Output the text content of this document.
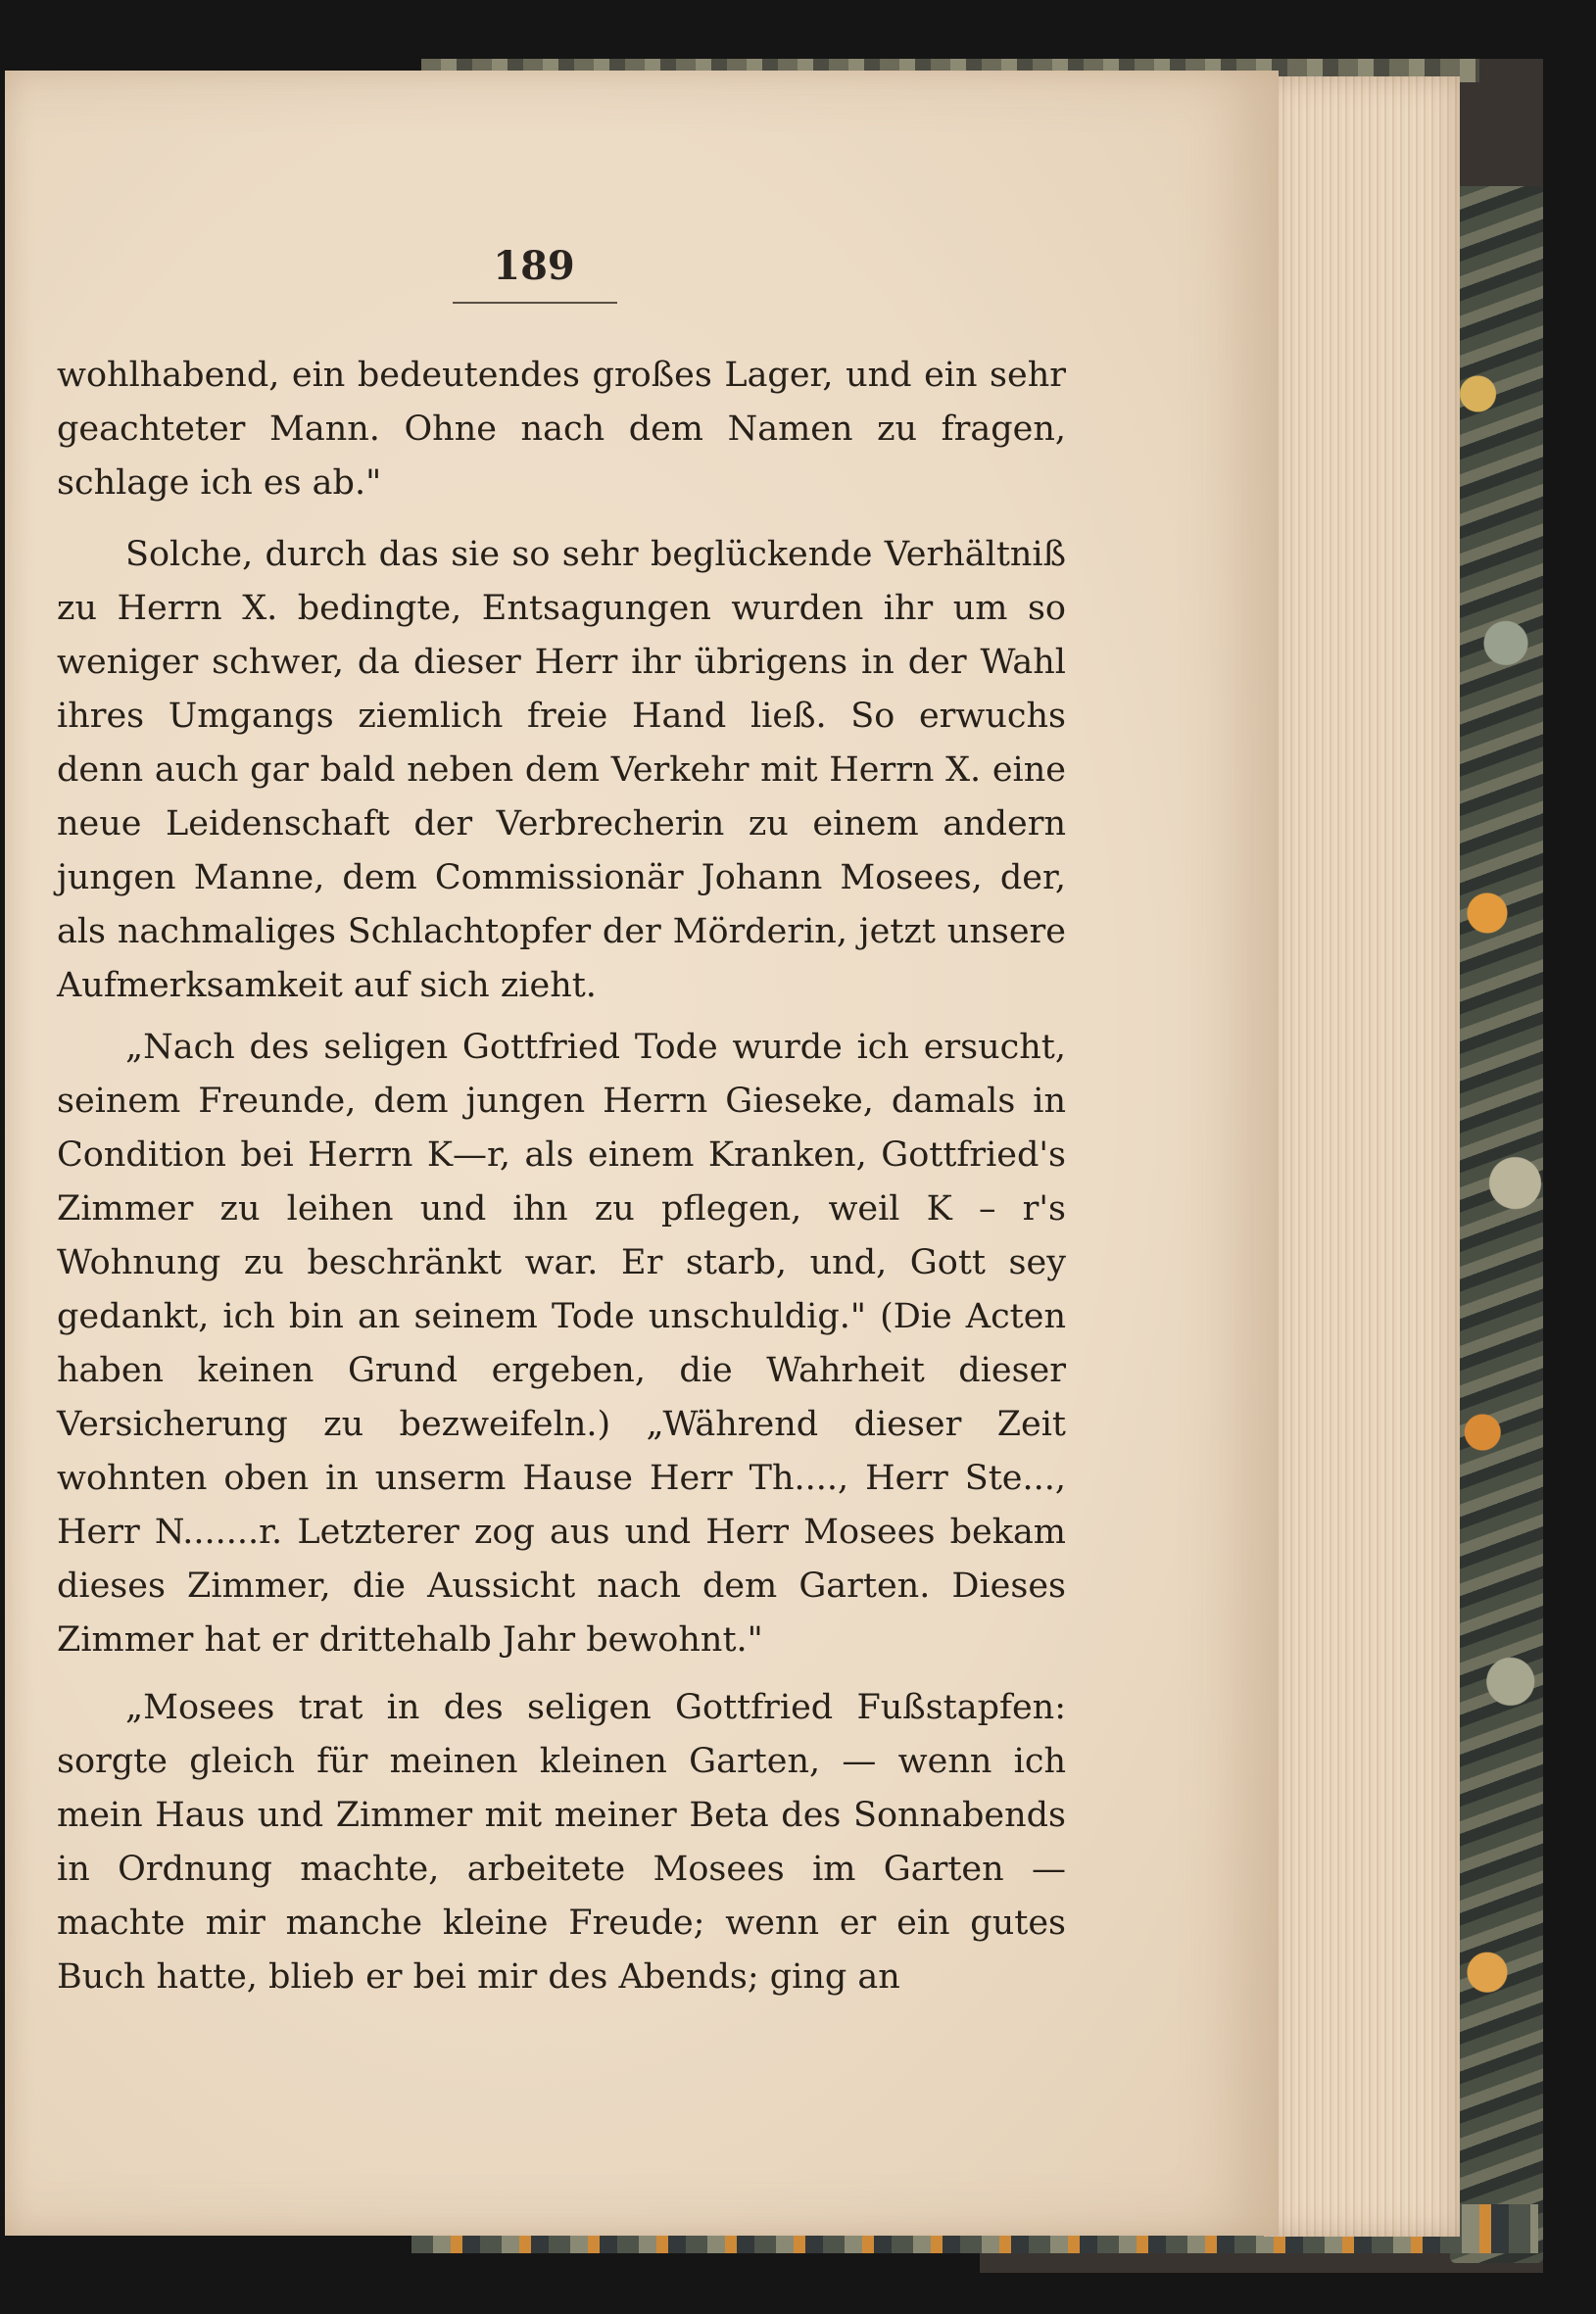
189

wohlhabend, ein bedeutendes großes Lager, und ein sehr geachteter Mann. Ohne nach dem Namen zu fragen, schlage ich es ab."

Solche, durch das sie so sehr beglückende Verhältniß zu Herrn X. bedingte, Entsagungen wurden ihr um so weniger schwer, da dieser Herr ihr übrigens in der Wahl ihres Umgangs ziemlich freie Hand ließ. So erwuchs denn auch gar bald neben dem Verkehr mit Herrn X. eine neue Leidenschaft der Verbrecherin zu einem andern jungen Manne, dem Commissionär Johann Mosees, der, als nachmaliges Schlachtopfer der Mörderin, jetzt unsere Aufmerksamkeit auf sich zieht.

„Nach des seligen Gottfried Tode wurde ich ersucht, seinem Freunde, dem jungen Herrn Gieseke, damals in Condition bei Herrn K—r, als einem Kranken, Gottfried's Zimmer zu leihen und ihn zu pflegen, weil K – r's Wohnung zu beschränkt war. Er starb, und, Gott sey gedankt, ich bin an seinem Tode unschuldig." (Die Acten haben keinen Grund ergeben, die Wahrheit dieser Versicherung zu bezweifeln.) „Während dieser Zeit wohnten oben in unserm Hause Herr Th...., Herr Ste..., Herr N.......r. Letzterer zog aus und Herr Mosees bekam dieses Zimmer, die Aussicht nach dem Garten. Dieses Zimmer hat er drittehalb Jahr bewohnt."

„Mosees trat in des seligen Gottfried Fußstapfen: sorgte gleich für meinen kleinen Garten, — wenn ich mein Haus und Zimmer mit meiner Beta des Sonnabends in Ordnung machte, arbeitete Mosees im Garten — machte mir manche kleine Freude; wenn er ein gutes Buch hatte, blieb er bei mir des Abends; ging an
